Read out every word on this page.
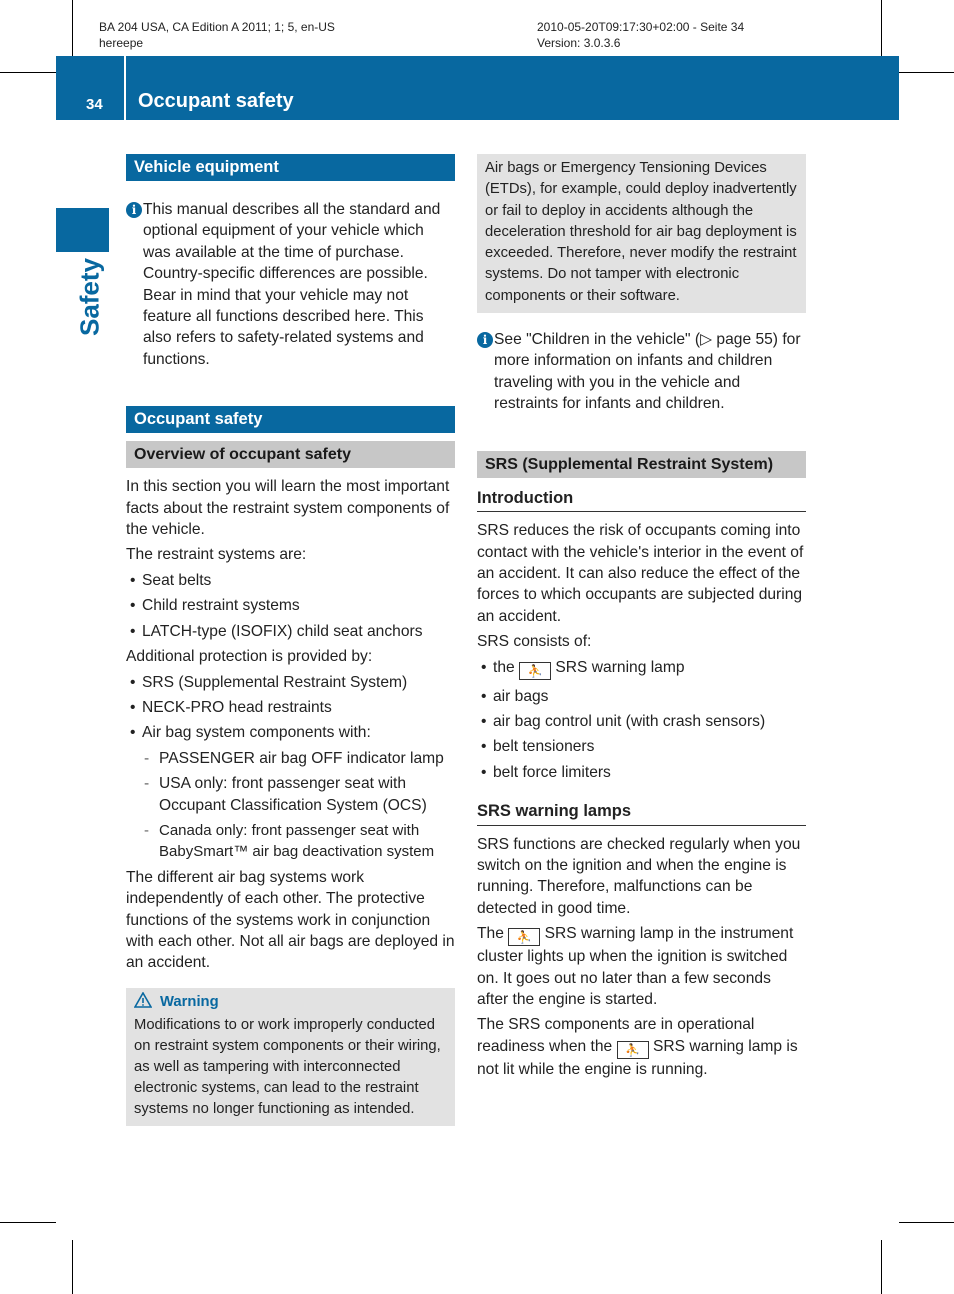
BA 204 USA, CA Edition A 2011; 1; 5, en-US
hereepe
2010-05-20T09:17:30+02:00 - Seite 34
Version: 3.0.3.6
34 Occupant safety
Safety
Vehicle equipment
i This manual describes all the standard and optional equipment of your vehicle which was available at the time of purchase. Country-specific differences are possible. Bear in mind that your vehicle may not feature all functions described here. This also refers to safety-related systems and functions.

Occupant safety
Overview of occupant safety

In this section you will learn the most important facts about the restraint system components of the vehicle.

The restraint systems are:

• Seat belts
• Child restraint systems
• LATCH-type (ISOFIX) child seat anchors

Additional protection is provided by:

• SRS (Supplemental Restraint System)
• NECK-PRO head restraints
• Air bag system components with:
- PASSENGER air bag OFF indicator lamp
- USA only: front passenger seat with Occupant Classification System (OCS)
- Canada only: front passenger seat with BabySmart™ air bag deactivation system

The different air bag systems work independently of each other. The protective functions of the systems work in conjunction with each other. Not all air bags are deployed in an accident.

Warning
Modifications to or work improperly conducted on restraint system components or their wiring, as well as tampering with interconnected electronic systems, can lead to the restraint systems no longer functioning as intended.
Air bags or Emergency Tensioning Devices (ETDs), for example, could deploy inadvertently or fail to deploy in accidents although the deceleration threshold for air bag deployment is exceeded. Therefore, never modify the restraint systems. Do not tamper with electronic components or their software.
i See "Children in the vehicle" (▷ page 55) for more information on infants and children traveling with you in the vehicle and restraints for infants and children.

SRS (Supplemental Restraint System)
Introduction

SRS reduces the risk of occupants coming into contact with the vehicle's interior in the event of an accident. It can also reduce the effect of the forces to which occupants are subjected during an accident.

SRS consists of:

• the ⛹ SRS warning lamp
• air bags
• air bag control unit (with crash sensors)
• belt tensioners
• belt force limiters
SRS warning lamps

SRS functions are checked regularly when you switch on the ignition and when the engine is running. Therefore, malfunctions can be detected in good time.

The ⛹ SRS warning lamp in the instrument cluster lights up when the ignition is switched on. It goes out no later than a few seconds after the engine is started.

The SRS components are in operational readiness when the ⛹ SRS warning lamp is not lit while the engine is running.
